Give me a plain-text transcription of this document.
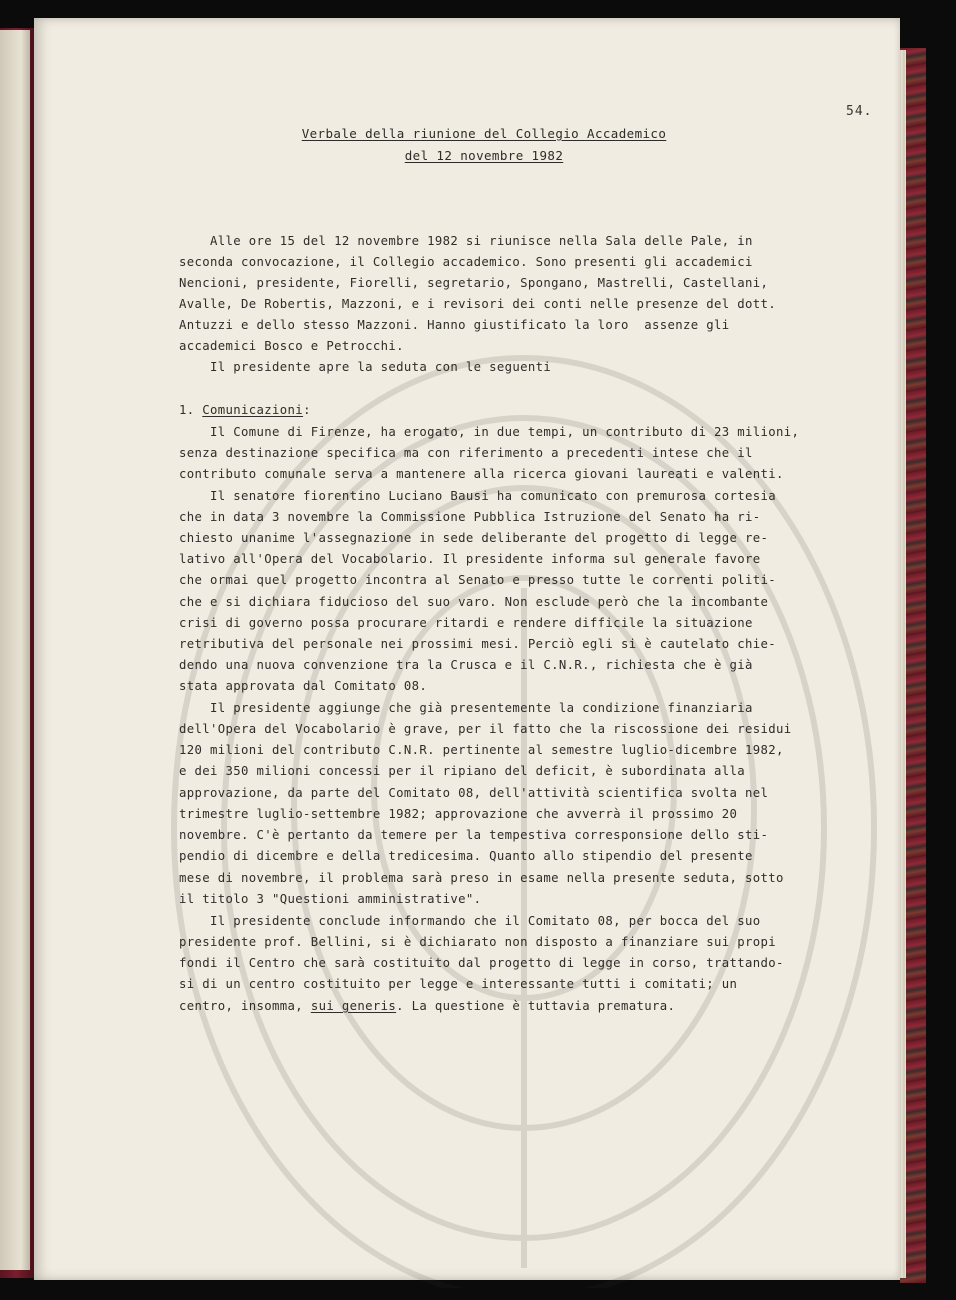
54.
Verbale della riunione del Collegio Accademico
del 12 novembre 1982
Alle ore 15 del 12 novembre 1982 si riunisce nella Sala delle Pale, in
seconda convocazione, il Collegio accademico. Sono presenti gli accademici
Nencioni, presidente, Fiorelli, segretario, Spongano, Mastrelli, Castellani,
Avalle, De Robertis, Mazzoni, e i revisori dei conti nelle presenze del dott.
Antuzzi e dello stesso Mazzoni. Hanno giustificato la loro  assenze gli
accademici Bosco e Petrocchi.
Il presidente apre la seduta con le seguenti
1. Comunicazioni:
Il Comune di Firenze, ha erogato, in due tempi, un contributo di 23 milioni,
senza destinazione specifica ma con riferimento a precedenti intese che il
contributo comunale serva a mantenere alla ricerca giovani laureati e valenti.
Il senatore fiorentino Luciano Bausi ha comunicato con premurosa cortesia
che in data 3 novembre la Commissione Pubblica Istruzione del Senato ha ri-
chiesto unanime l'assegnazione in sede deliberante del progetto di legge re-
lativo all'Opera del Vocabolario. Il presidente informa sul generale favore
che ormai quel progetto incontra al Senato e presso tutte le correnti politi-
che e si dichiara fiducioso del suo varo. Non esclude però che la incombante
crisi di governo possa procurare ritardi e rendere difficile la situazione
retributiva del personale nei prossimi mesi. Perciò egli si è cautelato chie-
dendo una nuova convenzione tra la Crusca e il C.N.R., richiesta che è già
stata approvata dal Comitato 08.
Il presidente aggiunge che già presentemente la condizione finanziaria
dell'Opera del Vocabolario è grave, per il fatto che la riscossione dei residui
120 milioni del contributo C.N.R. pertinente al semestre luglio-dicembre 1982,
e dei 350 milioni concessi per il ripiano del deficit, è subordinata alla
approvazione, da parte del Comitato 08, dell'attività scientifica svolta nel
trimestre luglio-settembre 1982; approvazione che avverrà il prossimo 20
novembre. C'è pertanto da temere per la tempestiva corresponsione dello sti-
pendio di dicembre e della tredicesima. Quanto allo stipendio del presente
mese di novembre, il problema sarà preso in esame nella presente seduta, sotto
il titolo 3 "Questioni amministrative".
Il presidente conclude informando che il Comitato 08, per bocca del suo
presidente prof. Bellini, si è dichiarato non disposto a finanziare sui propi
fondi il Centro che sarà costituito dal progetto di legge in corso, trattando-
si di un centro costituito per legge e interessante tutti i comitati; un
centro, insomma, sui generis. La questione è tuttavia prematura.
